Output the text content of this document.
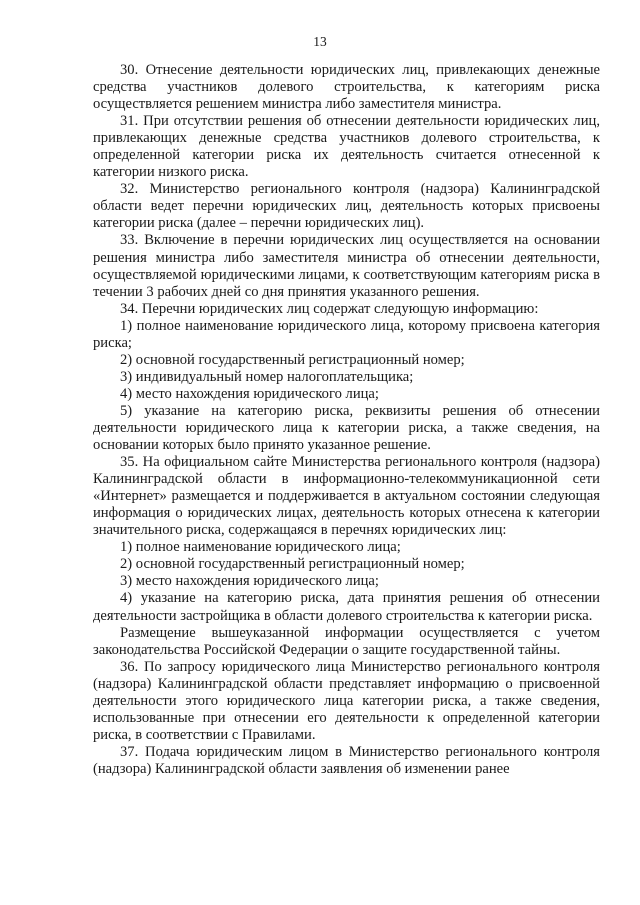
13

30. Отнесение деятельности юридических лиц, привлекающих денежные средства участников долевого строительства, к категориям риска осуществляется решением министра либо заместителя министра.

31. При отсутствии решения об отнесении деятельности юридических лиц, привлекающих денежные средства участников долевого строительства, к определенной категории риска их деятельность считается отнесенной к категории низкого риска.

32. Министерство регионального контроля (надзора) Калининградской области ведет перечни юридических лиц, деятельность которых присвоены категории риска (далее – перечни юридических лиц).

33. Включение в перечни юридических лиц осуществляется на основании решения министра либо заместителя министра об отнесении деятельности, осуществляемой юридическими лицами, к соответствующим категориям риска в течении 3 рабочих дней со дня принятия указанного решения.

34. Перечни юридических лиц содержат следующую информацию:

1) полное наименование юридического лица, которому присвоена категория риска;

2) основной государственный регистрационный номер;

3) индивидуальный номер налогоплательщика;

4) место нахождения юридического лица;

5) указание на категорию риска, реквизиты решения об отнесении деятельности юридического лица к категории риска, а также сведения, на основании которых было принято указанное решение.

35. На официальном сайте Министерства регионального контроля (надзора) Калининградской области в информационно-телекоммуникационной сети «Интернет» размещается и поддерживается в актуальном состоянии следующая информация о юридических лицах, деятельность которых отнесена к категории значительного риска, содержащаяся в перечнях юридических лиц:

1) полное наименование юридического лица;

2) основной государственный регистрационный номер;

3) место нахождения юридического лица;

4) указание на категорию риска, дата принятия решения об отнесении деятельности застройщика в области долевого строительства к категории риска.

Размещение вышеуказанной информации осуществляется с учетом законодательства Российской Федерации о защите государственной тайны.

36. По запросу юридического лица Министерство регионального контроля (надзора) Калининградской области представляет информацию о присвоенной деятельности этого юридического лица категории риска, а также сведения, использованные при отнесении его деятельности к определенной категории риска, в соответствии с Правилами.

37. Подача юридическим лицом в Министерство регионального контроля (надзора) Калининградской области заявления об изменении ранее
